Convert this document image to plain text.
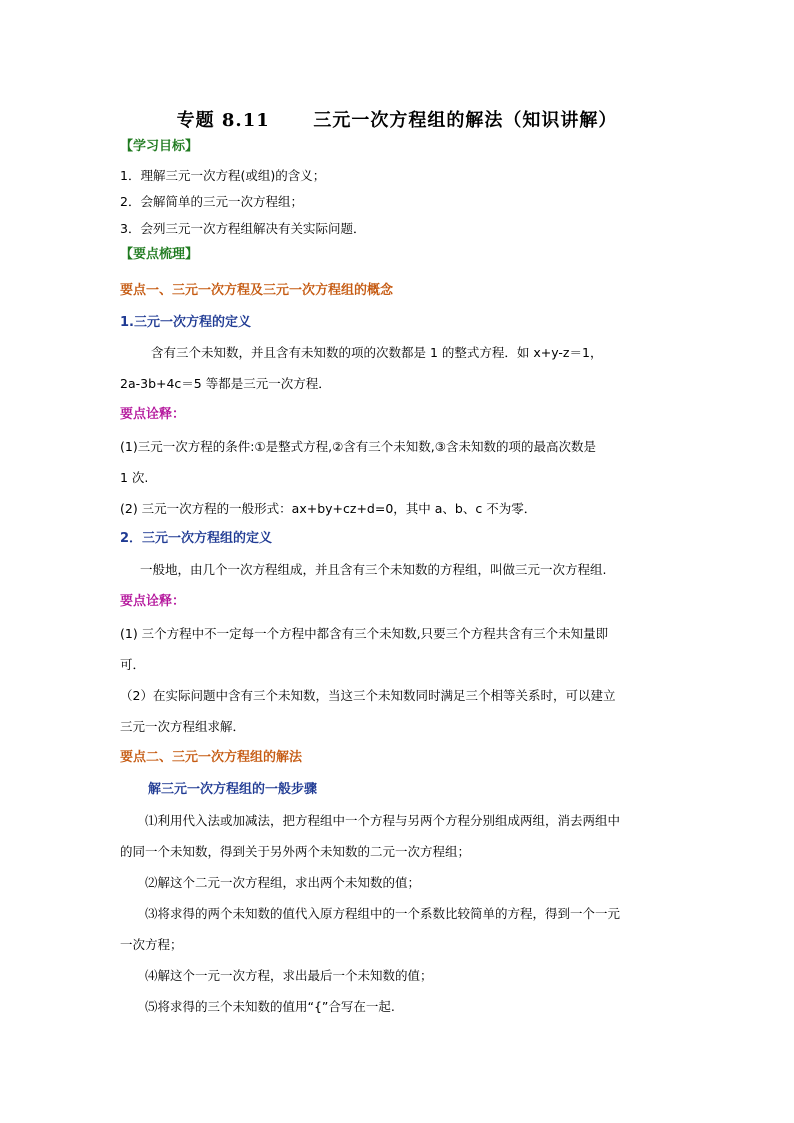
专题 8.11      三元一次方程组的解法（知识讲解）
【学习目标】
1．理解三元一次方程(或组)的含义；
2．会解简单的三元一次方程组；
3．会列三元一次方程组解决有关实际问题．
【要点梳理】
要点一、三元一次方程及三元一次方程组的概念
1.三元一次方程的定义
含有三个未知数，并且含有未知数的项的次数都是 1 的整式方程．如 x+y-z＝1，
2a-3b+4c＝5 等都是三元一次方程．
要点诠释：
(1)三元一次方程的条件:①是整式方程,②含有三个未知数,③含未知数的项的最高次数是
1 次.
(2) 三元一次方程的一般形式：ax+by+cz+d=0，其中 a、b、c 不为零．
2．三元一次方程组的定义
一般地，由几个一次方程组成，并且含有三个未知数的方程组，叫做三元一次方程组.
要点诠释：
(1) 三个方程中不一定每一个方程中都含有三个未知数,只要三个方程共含有三个未知量即
可．
（2）在实际问题中含有三个未知数，当这三个未知数同时满足三个相等关系时，可以建立
三元一次方程组求解．
要点二、三元一次方程组的解法
解三元一次方程组的一般步骤
⑴利用代入法或加减法，把方程组中一个方程与另两个方程分别组成两组，消去两组中
的同一个未知数，得到关于另外两个未知数的二元一次方程组；
⑵解这个二元一次方程组，求出两个未知数的值；
⑶将求得的两个未知数的值代入原方程组中的一个系数比较简单的方程，得到一个一元
一次方程；
⑷解这个一元一次方程，求出最后一个未知数的值；
⑸将求得的三个未知数的值用“{”合写在一起.
